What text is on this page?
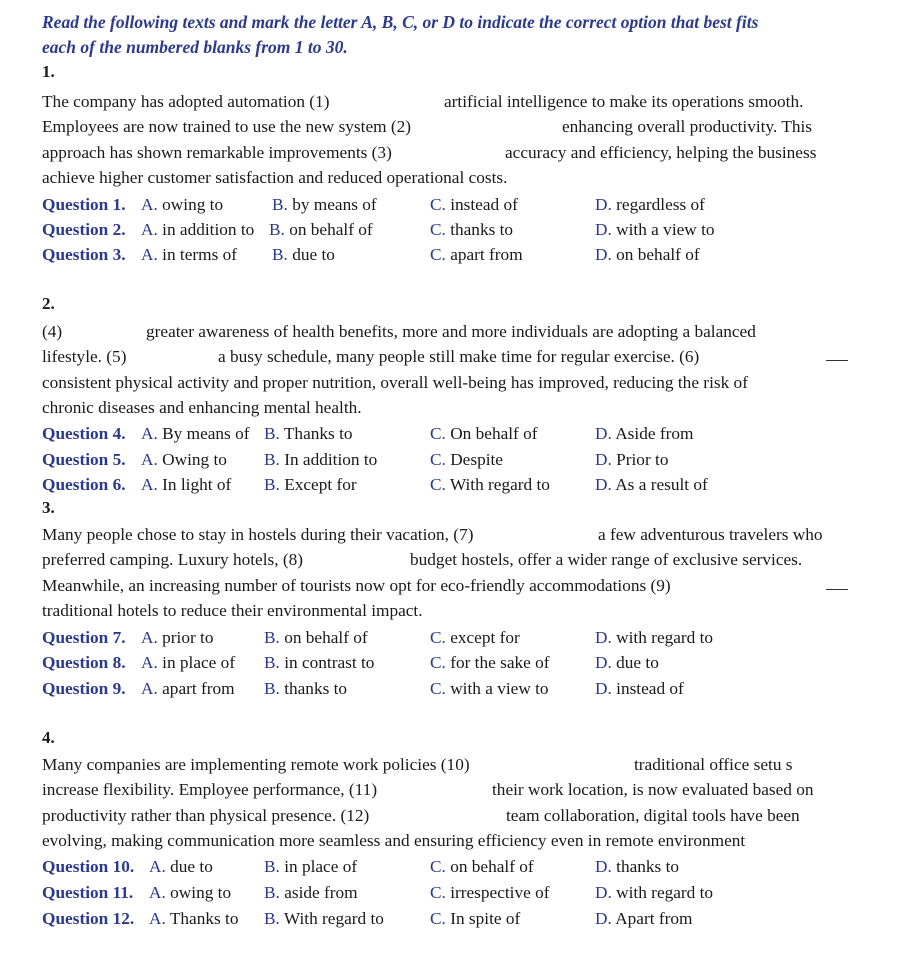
Read the following texts and mark the letter A, B, C, or D to indicate the correct option that best fits
each of the numbered blanks from 1 to 30.
1.
The company has adopted automation (1)	artificial intelligence to make its operations smooth.
Employees are now trained to use the new system (2)	enhancing overall productivity. This
approach has shown remarkable improvements (3)	accuracy and efficiency, helping the business
achieve higher customer satisfaction and reduced operational costs.
Question 1. A. owing to	B. by means of	C. instead of	D. regardless of
Question 2. A. in addition to B. on behalf of	C. thanks to	D. with a view to
Question 3. A. in terms of B. due to	C. apart from	D. on behalf of
2.
(4)	greater awareness of health benefits, more and more individuals are adopting a balanced
lifestyle. (5)	a busy schedule, many people still make time for regular exercise. (6)
consistent physical activity and proper nutrition, overall well-being has improved, reducing the risk of
chronic diseases and enhancing mental health.
Question 4. A. By means of B. Thanks to	C. On behalf of	D. Aside from
Question 5. A. Owing to B. In addition to	C. Despite	D. Prior to
Question 6. A. In light of B. Except for	C. With regard to	D. As a result of
3.
Many people chose to stay in hostels during their vacation, (7)	a few adventurous travelers who
preferred camping. Luxury hotels, (8)	budget hostels, offer a wider range of exclusive services.
Meanwhile, an increasing number of tourists now opt for eco-friendly accommodations (9)
traditional hotels to reduce their environmental impact.
Question 7. A. prior to	B. on behalf of	C. except for	D. with regard to
Question 8. A. in place of B. in contrast to	C. for the sake of	D. due to
Question 9. A. apart from B. thanks to	C. with a view to	D. instead of
4.
Many companies are implementing remote work policies (10)	traditional office setu s
increase flexibility. Employee performance, (11)	their work location, is now evaluated based on
productivity rather than physical presence. (12)	team collaboration, digital tools have been
evolving, making communication more seamless and ensuring efficiency even in remote environment
Question 10. A. due to	B. in place of	C. on behalf of	D. thanks to
Question 11. A. owing to B. aside from	C. irrespective of	D. with regard to
Question 12. A. Thanks to B. With regard to	C. In spite of	D. Apart from
